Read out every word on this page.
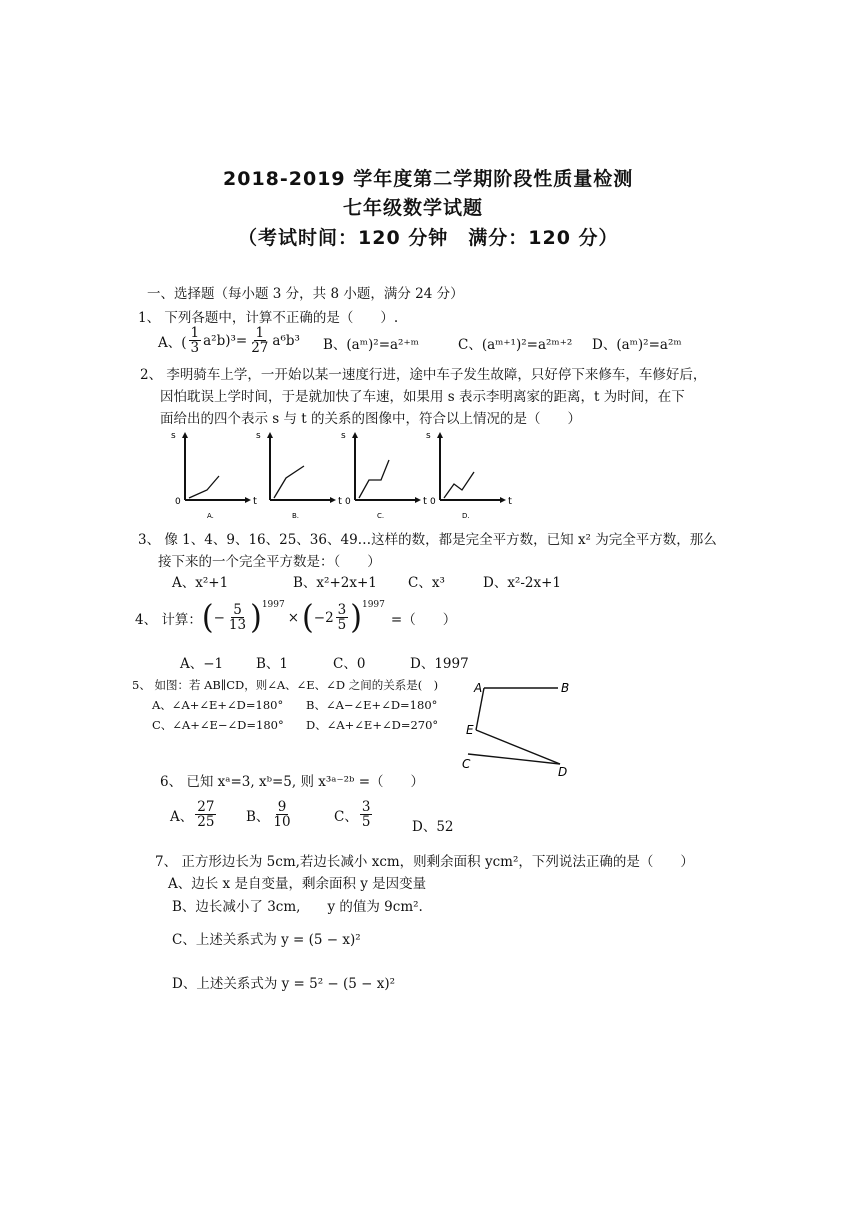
2018-2019 学年度第二学期阶段性质量检测
七年级数学试题
（考试时间：120 分钟　满分：120 分）
一、选择题（每小题 3 分，共 8 小题，满分 24 分）
1、 下列各题中，计算不正确的是（　　）.
A、( $\frac{1}{3} a^2b)^3= \frac{1}{27} a^6b^3$ B、(aᵐ)²=a²⁺ᵐ	C、(aᵐ⁺¹)²=a²ᵐ⁺² D、(aᵐ)²=a²ᵐ
2、 李明骑车上学，一开始以某一速度行进，途中车子发生故障，只好停下来修车，车修好后，
因怕耽误上学时间，于是就加快了车速，如果用 s 表示李明离家的距离，t 为时间，在下
面给出的四个表示 s 与 t 的关系的图像中，符合以上情况的是（　　）
s
t
0
A.
s
t
B.
s
t
0
C.
s
t
0
D.
3、 像 1、4、9、16、25、36、49…这样的数，都是完全平方数，已知 x² 为完全平方数，那么
接下来的一个完全平方数是：（　　）
A、x²+1	B、x²+2x+1 C、x³	D、x²-2x+1
4、 计算： ( − $\frac{5}{13} )^{1997}$
× ( $-2 \frac{3}{5} )^{1997}$
=（　　）
A、−1 B、1	C、0	D、1997
5、 如图：若 AB∥CD，则∠A、∠E、∠D 之间的关系是(　)
A、∠A+∠E+∠D=180° B、∠A−∠E+∠D=180°
C、∠A+∠E−∠D=180° D、∠A+∠E+∠D=270°
A	B
E
C
D
6、 已知 xᵃ=3, xᵇ=5, 则 x³ᵃ⁻²ᵇ =（　　）
A、 $\frac{27}{25}$ B、 $\frac{9}{10}$	C、 $\frac{3}{5}$	D、52
7、 正方形边长为 5cm,若边长减小 xcm，则剩余面积 ycm²，下列说法正确的是（　　）
A、边长 x 是自变量，剩余面积 y 是因变量
B、边长减小了 3cm,　　y 的值为 9cm².
C、上述关系式为 y = (5 − x)²
D、上述关系式为 y = 5² − (5 − x)²
